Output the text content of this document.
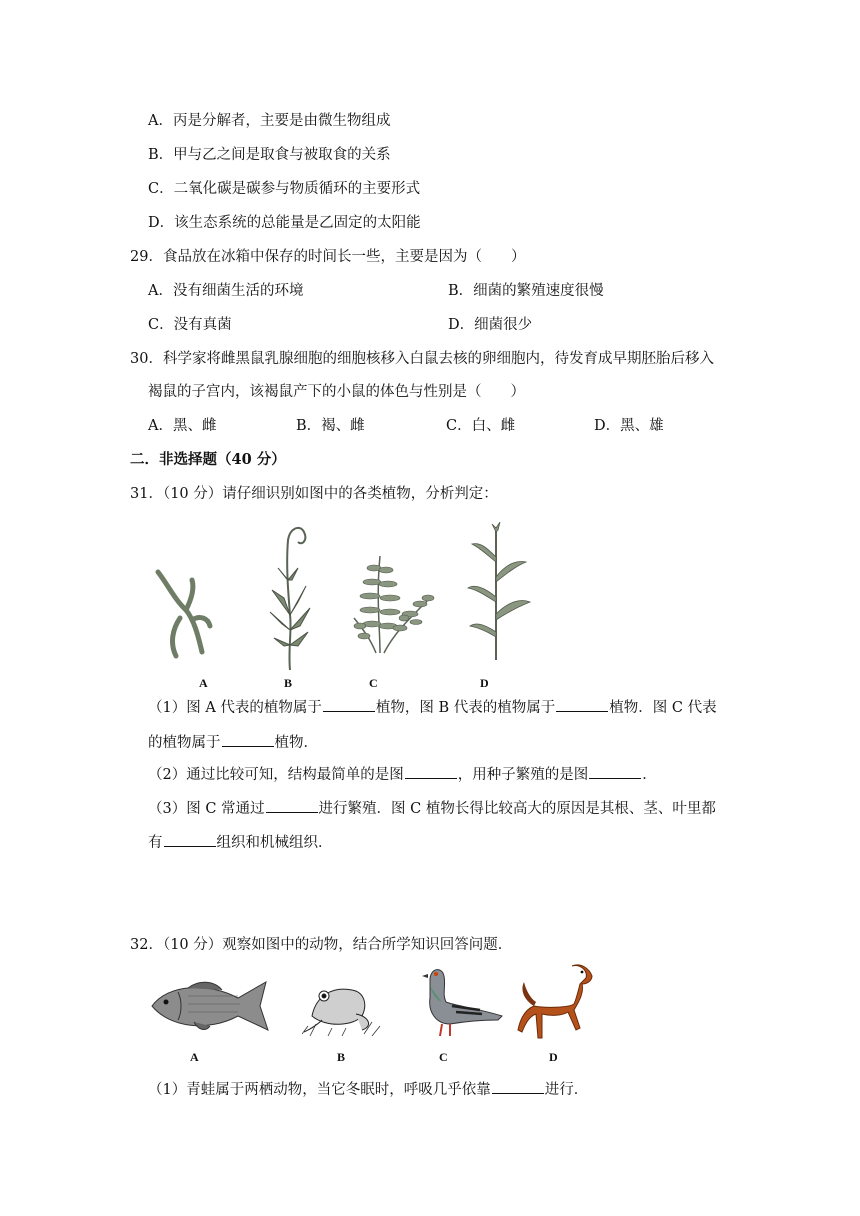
A．丙是分解者，主要是由微生物组成
B．甲与乙之间是取食与被取食的关系
C．二氧化碳是碳参与物质循环的主要形式
D．该生态系统的总能量是乙固定的太阳能
29．食品放在冰箱中保存的时间长一些，主要是因为（　　）
A．没有细菌生活的环境	B．细菌的繁殖速度很慢
C．没有真菌	D．细菌很少
30．科学家将雌黑鼠乳腺细胞的细胞核移入白鼠去核的卵细胞内，待发育成早期胚胎后移入
褐鼠的子宫内，该褐鼠产下的小鼠的体色与性别是（　　）
A．黑、雌	B．褐、雌	C．白、雌	D．黑、雄
二．非选择题（40 分）
31．（10 分）请仔细识别如图中的各类植物，分析判定：
A	B	C	D
（1）图 A 代表的植物属于	植物，图 B 代表的植物属于	植物．图 C 代表
的植物属于	植物．
（2）通过比较可知，结构最简单的是图	，用种子繁殖的是图	．
（3）图 C 常通过	进行繁殖．图 C 植物长得比较高大的原因是其根、茎、叶里都
有	组织和机械组织．
32．（10 分）观察如图中的动物，结合所学知识回答问题．
A	B	C	D
（1）青蛙属于两栖动物，当它冬眠时，呼吸几乎依靠	进行．
